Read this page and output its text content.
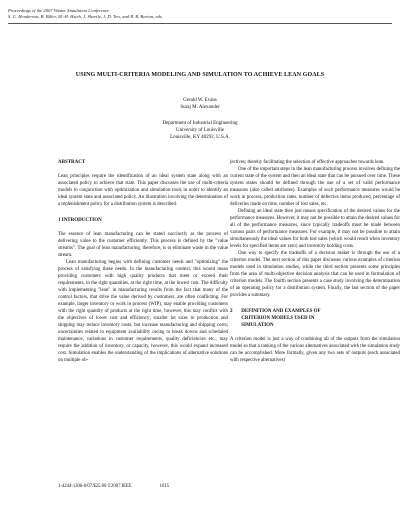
Proceedings of the 2007 Winter Simulation Conference
S. G. Henderson, B. Biller, M.-H. Hsieh, J. Shortle, J. D. Tew, and R. R. Barton, eds.
USING MULTI-CRITERIA MODELING AND SIMULATION TO ACHIEVE LEAN GOALS
Gerald W. Evans
Suraj M. Alexander
Department of Industrial Engineering
University of Louisville
Louisville, KY 40292, U.S.A.
ABSTRACT

Lean principles require the identification of an ideal system state along with an associated policy to achieve that state. This paper discusses the use of multi-criteria models in conjunction with optimization and simulation tools in order to identify an ideal system state and associated policy. An illustration involving the determination of a replenishment policy for a distribution system is described.

1 INTRODUCTION

The essence of lean manufacturing can be stated succinctly as the process of delivering value to the customer efficiently. This process is defined by the "value streams". The goal of lean manufacturing, therefore, is to eliminate waste in the value stream.

Lean manufacturing begins with defining customer needs and "optimizing" the process of satisfying these needs. In the manufacturing context, this would mean providing customers with high quality products that meet or exceed their requirements, in the right quantities, at the right time, at the lowest cost. The difficulty with implementing "lean" in manufacturing results from the fact that many of the control factors, that drive the value derived by customers, are often conflicting. For example, larger inventory or work in process (WIP), may enable providing customers with the right quantity of products at the right time, however, this may conflict with the objectives of lower cost and efficiency; smaller lot sizes in production and shipping may reduce inventory costs, but increase manufacturing and shipping costs; uncertainties related to equipment availability owing to break downs and scheduled maintenance, variations in customer requirements, quality deficiencies etc., may require the addition of inventory, or capacity, however, this would expand increased cost. Simulation enables the understanding of the implications of alternative solutions on multiple ob-

jectives; thereby facilitating the selection of effective approaches towards lean.

One of the important steps in the lean manufacturing process involves defining the current state of the system and then an ideal state that can be pursued over time. These system states should be defined through the use of a set of valid performance measures (also called attributes). Examples of such performance measures would be work in process, production rates, number of defective items produced, percentage of deliveries made on time, number of lost sales, etc.

Defining an ideal state then just means specification of the desired values for the performance measures. However, it may not be possible to attain the desired values for all of the performance measures, since typically tradeoffs must be made between various pairs of performance measures. For example, it may not be possible to attain simultaneously the ideal values for both lost sales (which would result when inventory levels for specified items are zero) and inventory holding costs.

One way to specify the tradeoffs of a decision maker is through the use of a criterion model. The next section of this paper discusses various examples of criterion models used in simulation studies, while the third section presents some principles from the area of multi-objective decision analysis that can be used in formulation of criterion models. The fourth section presents a case study involving the determination of an operating policy for a distribution system. Finally, the last section of the paper provides a summary.

2       DEFINITION AND EXAMPLES OF
CRITERION MODELS USED IN
SIMULATION

A criterion model is just a way of combining all of the outputs from the simulation model so that a ranking of the various alternatives associated with the simulation study can be accomplished. More formally, given any two sets of outputs (each associated with respective alternatives)

1-4244-1306-0/07/$25.00 ©2007 IEEE	1615
